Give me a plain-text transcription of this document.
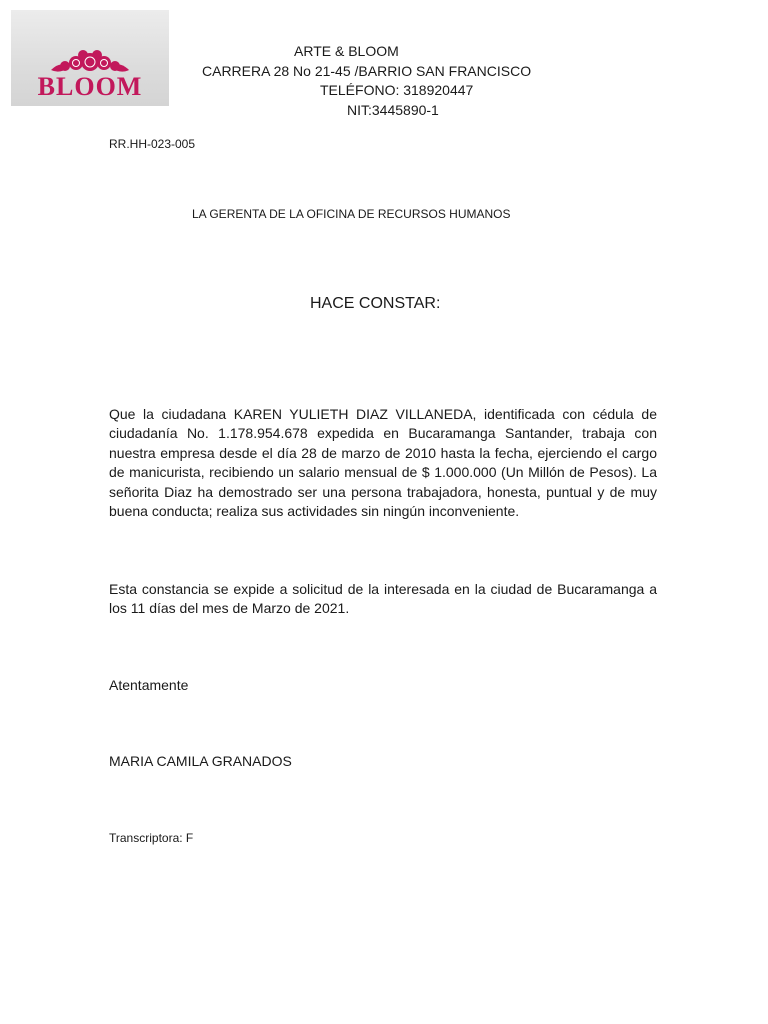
BLOOM
ARTE & BLOOM
CARRERA 28 No 21-45 /BARRIO SAN FRANCISCO
TELÉFONO: 318920447
NIT:3445890-1
RR.HH-023-005
LA GERENTA DE LA OFICINA DE RECURSOS HUMANOS
HACE CONSTAR:

Que la ciudadana KAREN YULIETH DIAZ VILLANEDA, identificada con cédula de ciudadanía No. 1.178.954.678 expedida en Bucaramanga Santander, trabaja con nuestra empresa desde el día 28 de marzo de 2010 hasta la fecha, ejerciendo el cargo de manicurista, recibiendo un salario mensual de $ 1.000.000 (Un Millón de Pesos). La señorita Diaz ha demostrado ser una persona trabajadora, honesta, puntual y de muy buena conducta; realiza sus actividades sin ningún inconveniente.

Esta constancia se expide a solicitud de la interesada en la ciudad de Bucaramanga a los 11 días del mes de Marzo de 2021.

Atentamente
MARIA CAMILA GRANADOS
Transcriptora: F
